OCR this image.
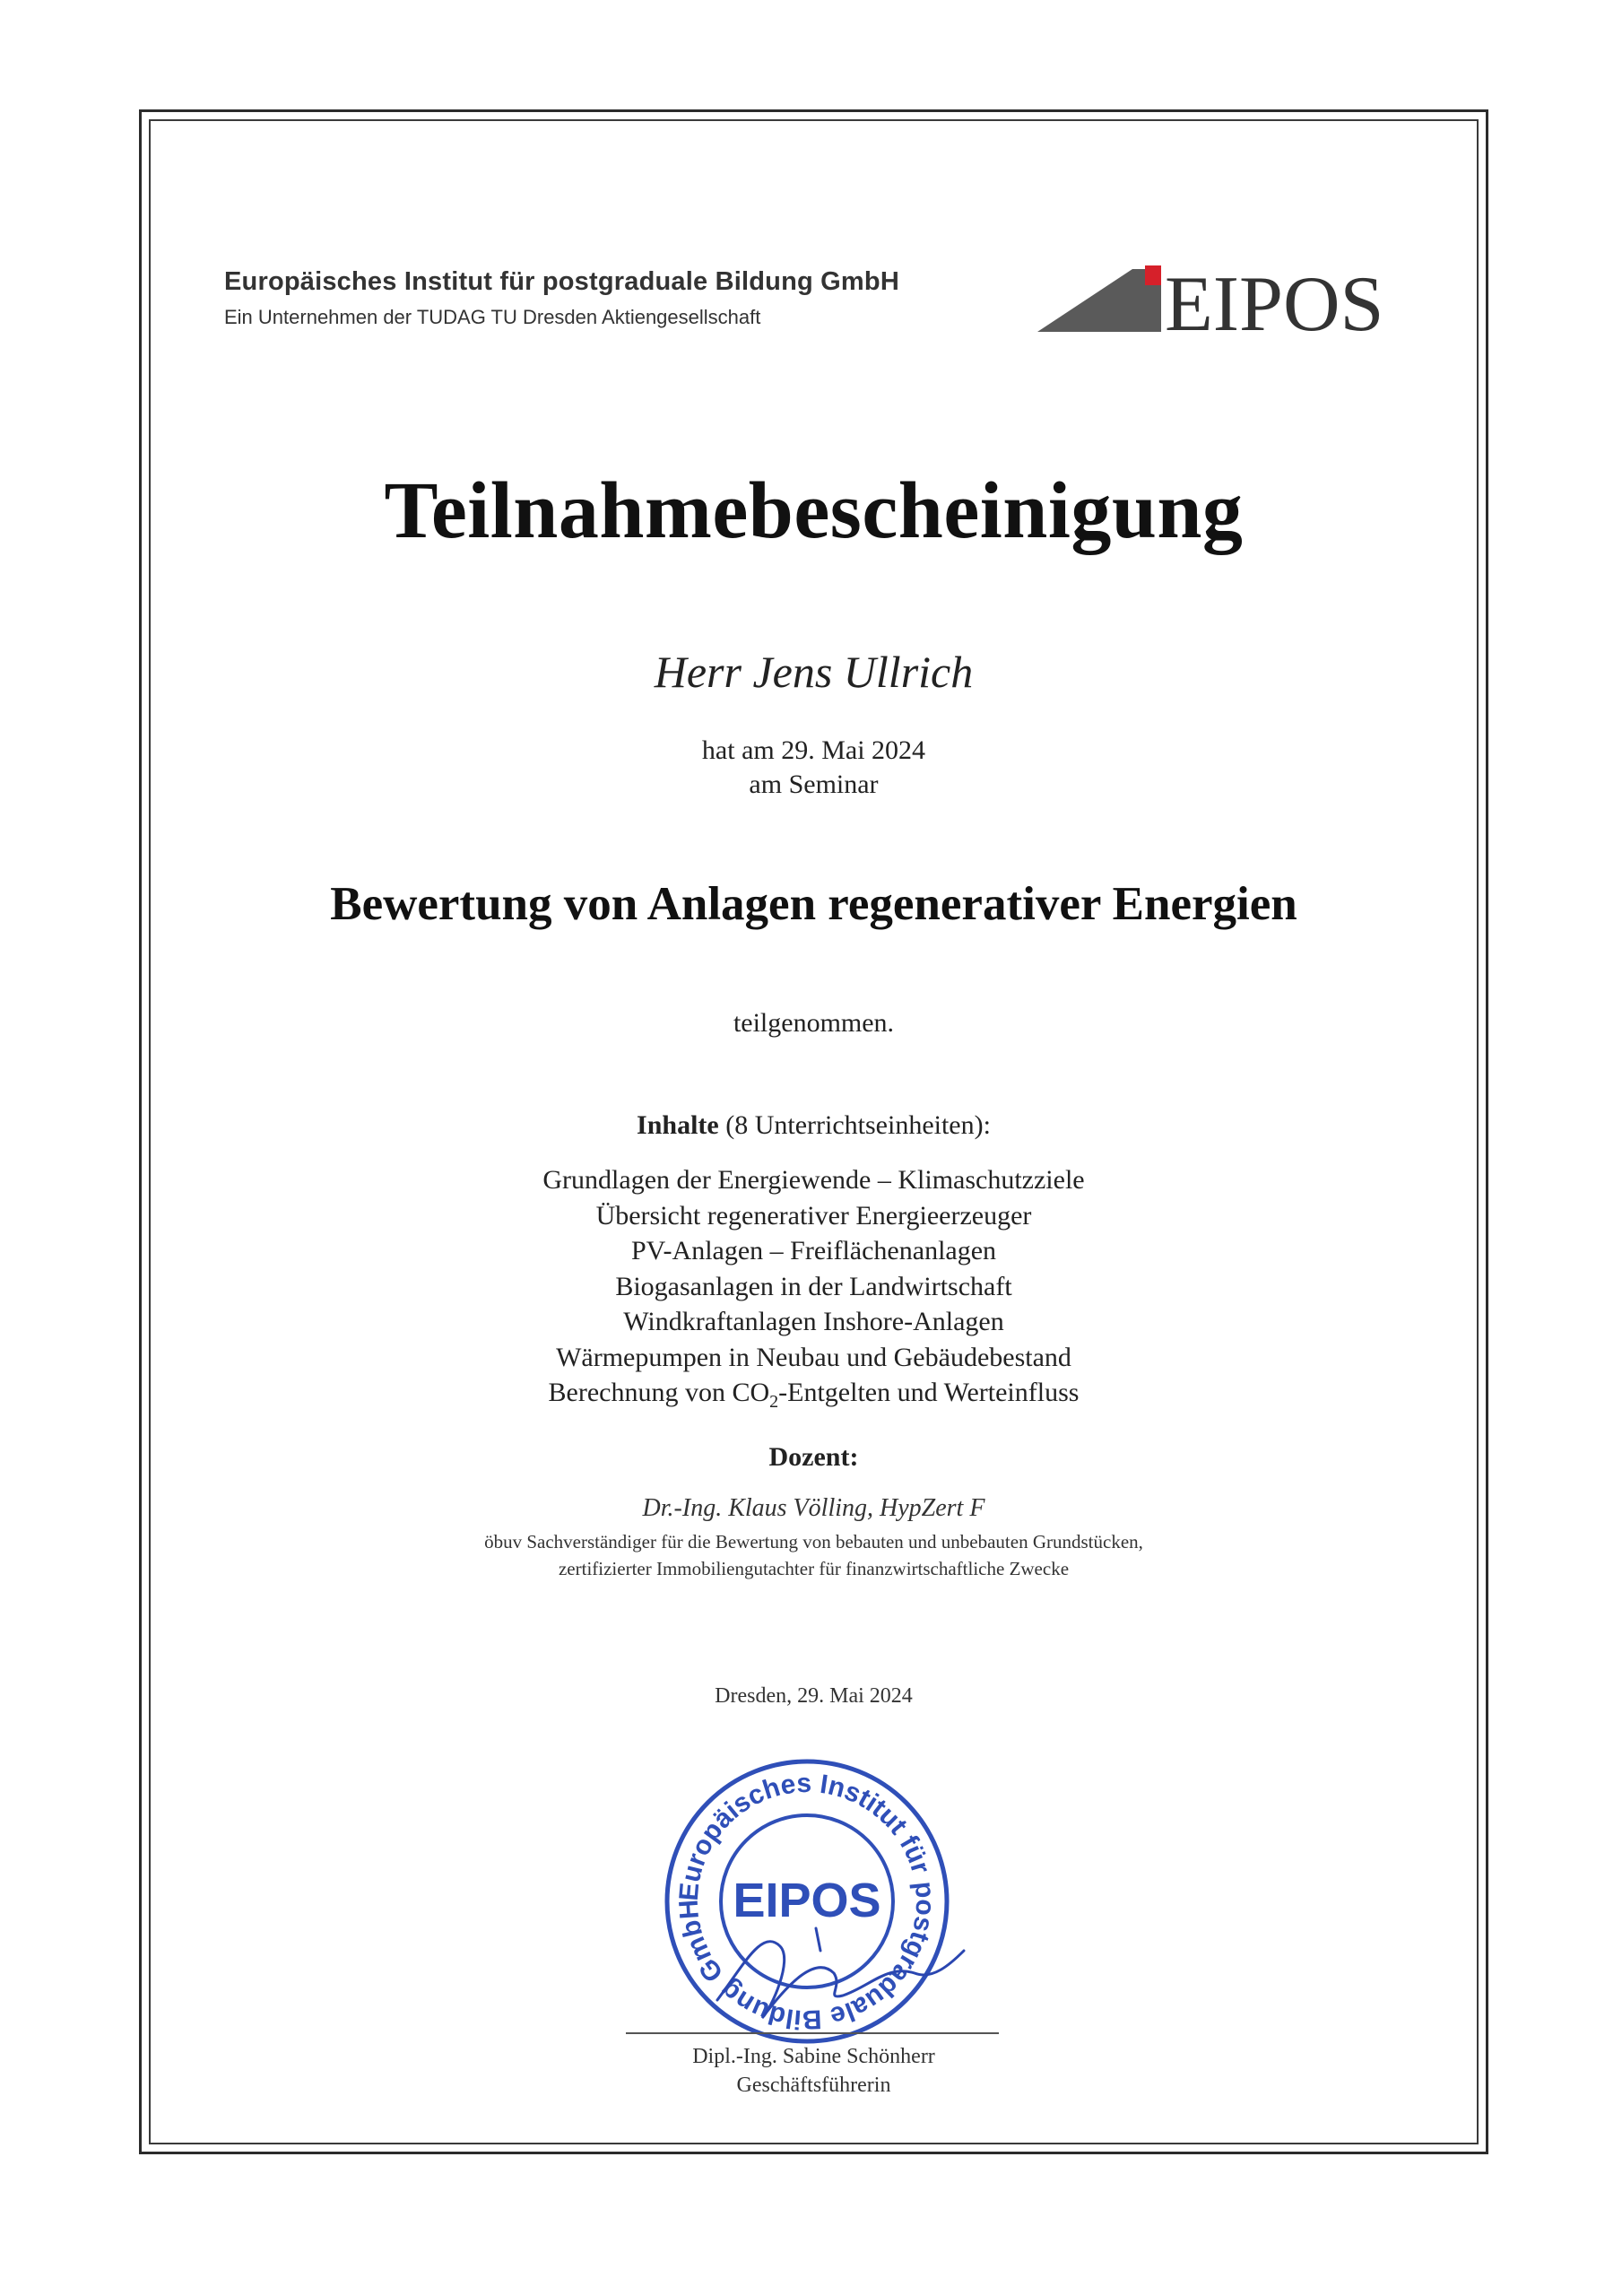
Europäisches Institut für postgraduale Bildung GmbH
Ein Unternehmen der TUDAG TU Dresden Aktiengesellschaft	EIPOS
Teilnahmebescheinigung
Herr Jens Ullrich
hat am 29. Mai 2024
am Seminar
Bewertung von Anlagen regenerativer Energien
teilgenommen.
Inhalte (8 Unterrichtseinheiten):
Grundlagen der Energiewende – Klimaschutzziele
Übersicht regenerativer Energieerzeuger
PV-Anlagen – Freiflächenanlagen
Biogasanlagen in der Landwirtschaft
Windkraftanlagen Inshore-Anlagen
Wärmepumpen in Neubau und Gebäudebestand
Berechnung von $CO_2$-Entgelten und Werteinfluss
Dozent:
Dr.-Ing. Klaus Völling, HypZert F
öbuv Sachverständiger für die Bewertung von bebauten und unbebauten Grundstücken,
zertifizierter Immobiliengutachter für finanzwirtschaftliche Zwecke
Dresden, 29. Mai 2024
Europäisches Institut für postgraduale Bildung GmbH EIPOS
Dipl.-Ing. Sabine Schönherr
Geschäftsführerin
